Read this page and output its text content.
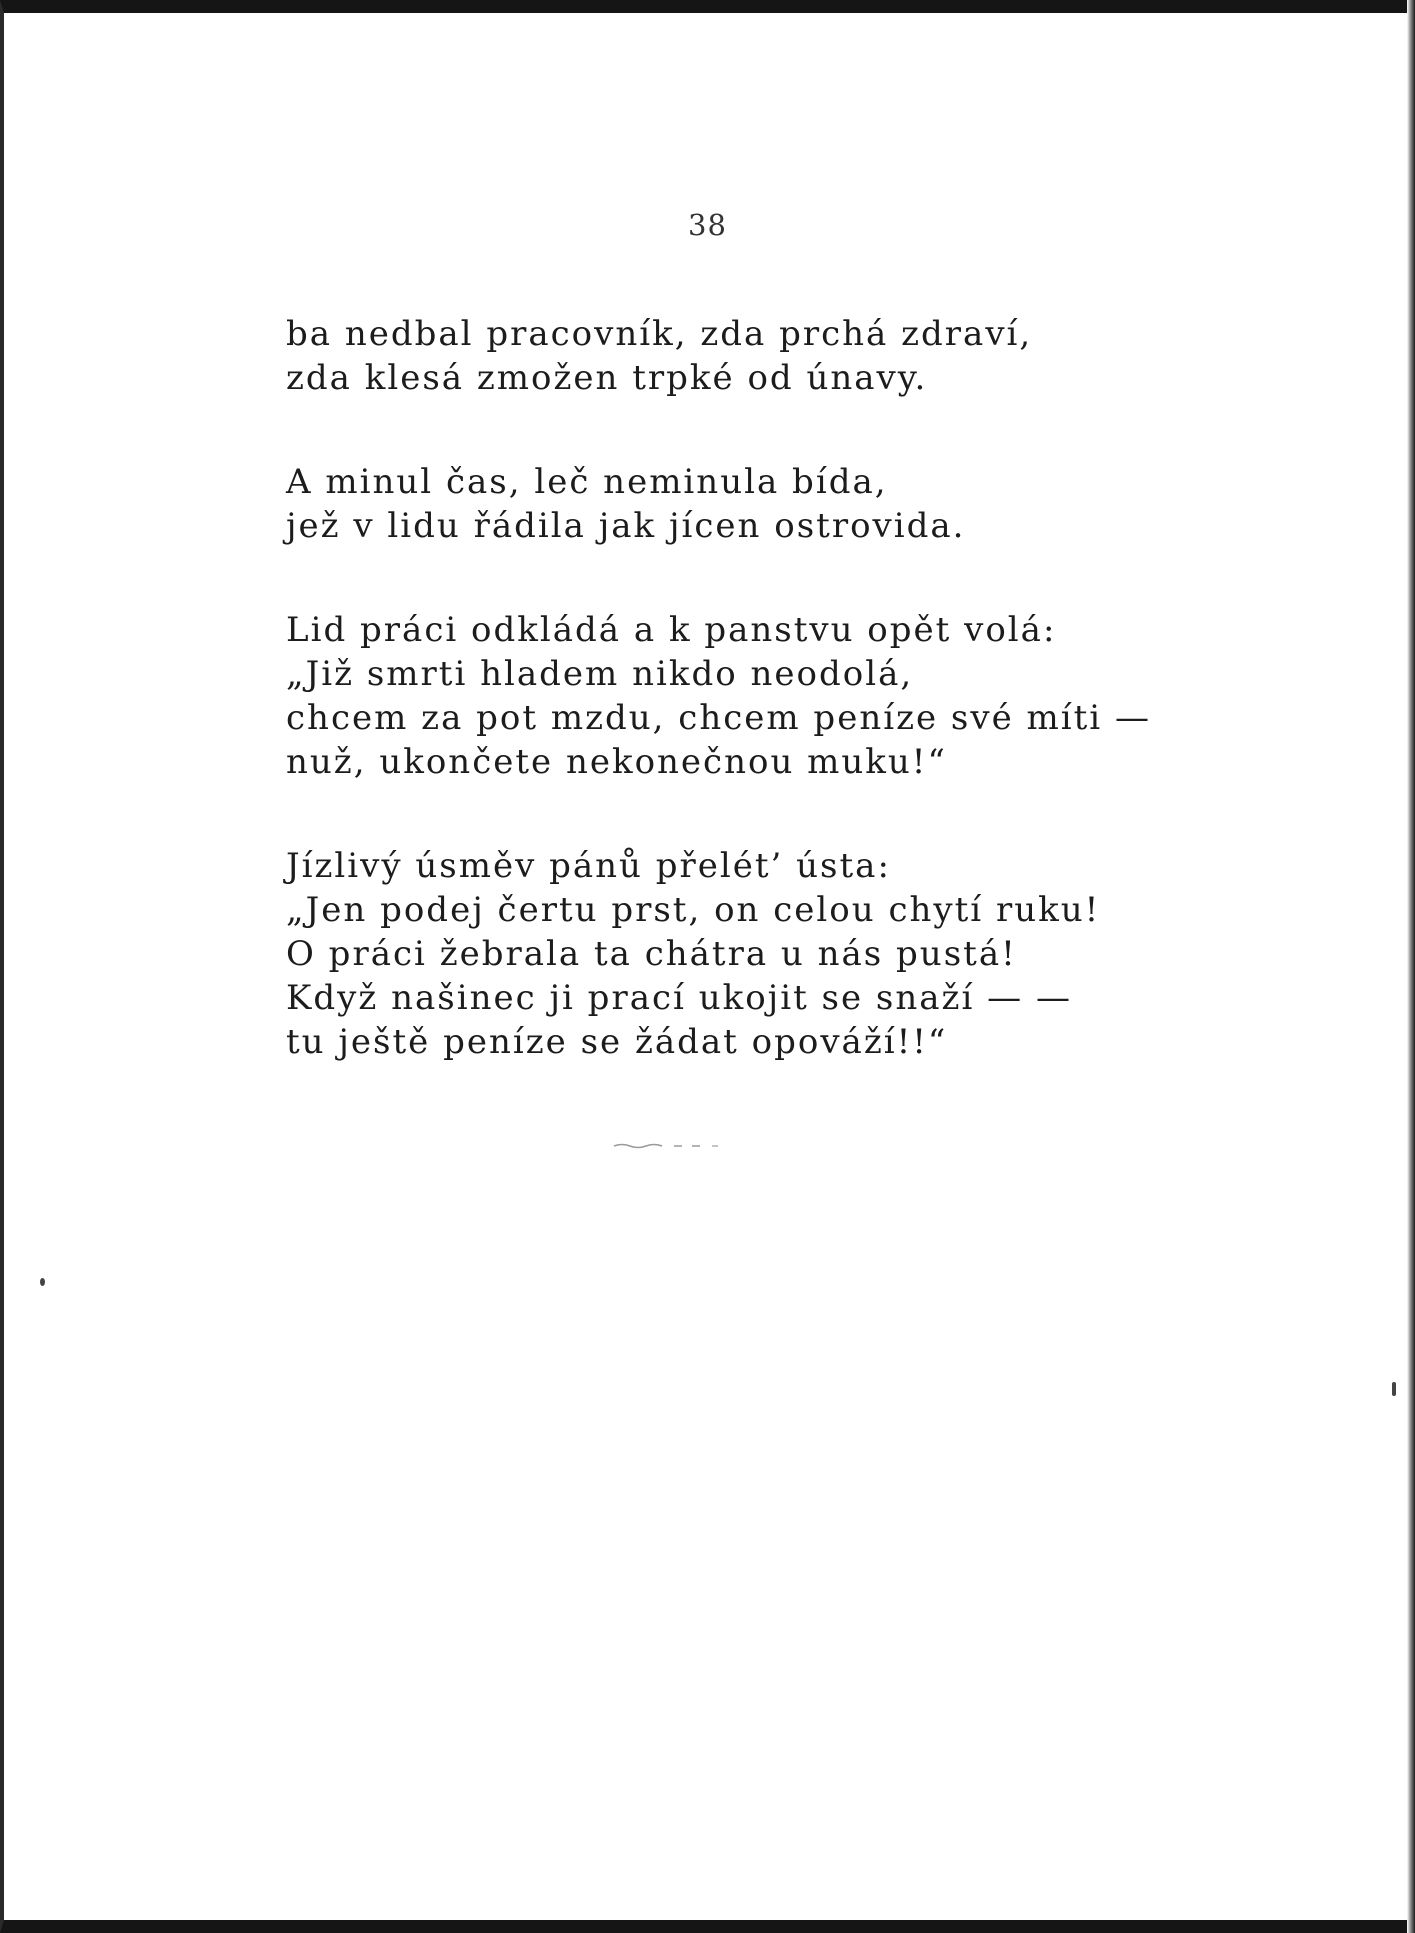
38
ba nedbal pracovník, zda prchá zdraví,
zda klesá zmožen trpké od únavy.
A minul čas, leč neminula bída,
jež v lidu řádila jak jícen ostrovida.
Lid práci odkládá a k panstvu opět volá:
„Již smrti hladem nikdo neodolá,
chcem za pot mzdu, chcem peníze své míti —
nuž, ukončete nekonečnou muku!“
Jízlivý úsměv pánů přelét’ ústa:
„Jen podej čertu prst, on celou chytí ruku!
O práci žebrala ta chátra u nás pustá!
Když našinec ji prací ukojit se snaží — —
tu ještě peníze se žádat opováží!!“
